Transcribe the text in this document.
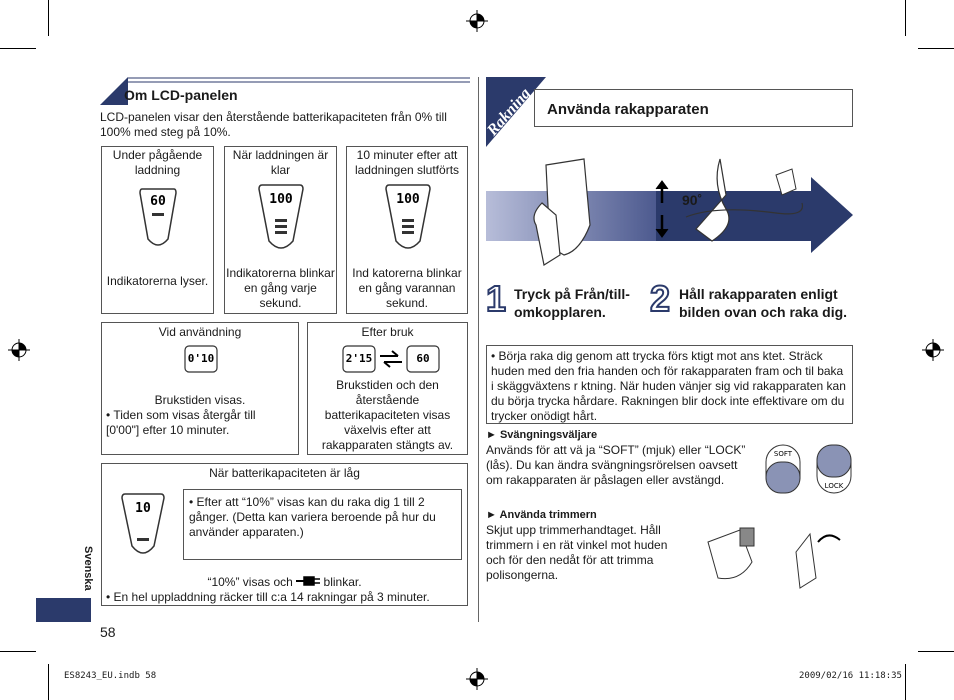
Om LCD-panelen
LCD-panelen visar den återstående batterikapaciteten från 0% till 100% med steg på 10%.
Under pågående laddning
60
Indikatorerna lyser.
När laddningen är klar
100
Indikatorerna blinkar en gång varje sekund.
10 minuter efter att laddningen slutförts
100
Ind katorerna blinkar en gång varannan sekund.
Vid användning
0'10
Brukstiden visas.
• Tiden som visas återgår till [0'00"] efter 10 minuter.
Efter bruk
2'15	60
Brukstiden och den återstående batterikapaciteten visas växelvis efter att rakapparaten stängts av.
När batterikapaciteten är låg
10	• Efter att “10%” visas kan du raka dig 1 till 2 gånger. (Detta kan variera beroende på hur du använder apparaten.)
“10%” visas och	blinkar.
• En hel uppladdning räcker till c:a 14 rakningar på 3 minuter.
Svenska
58
Rakning Använda rakapparaten
90˚
1 Tryck på Från/till-omkopplaren.	2 Håll rakapparaten enligt bilden ovan och raka dig.
• Börja raka dig genom att trycka förs ktigt mot ans ktet. Sträck huden med den fria handen och för rakapparaten fram och til baka i skäggväxtens r ktning. När huden vänjer sig vid rakapparaten kan du börja trycka hårdare. Rakningen blir dock inte effektivare om du trycker onödigt hårt.
► Svängningsväljare
Används för att vä ja “SOFT” (mjuk) eller “LOCK” (lås). Du kan ändra svängningsrörelsen oavsett om rakapparaten är påslagen eller avstängd.
SOFT
LOCK
► Använda trimmern
Skjut upp trimmerhandtaget. Håll trimmern i en rät vinkel mot huden och för den nedåt för att trimma polisongerna.
ES8243_EU.indb 58	2009/02/16 11:18:35
